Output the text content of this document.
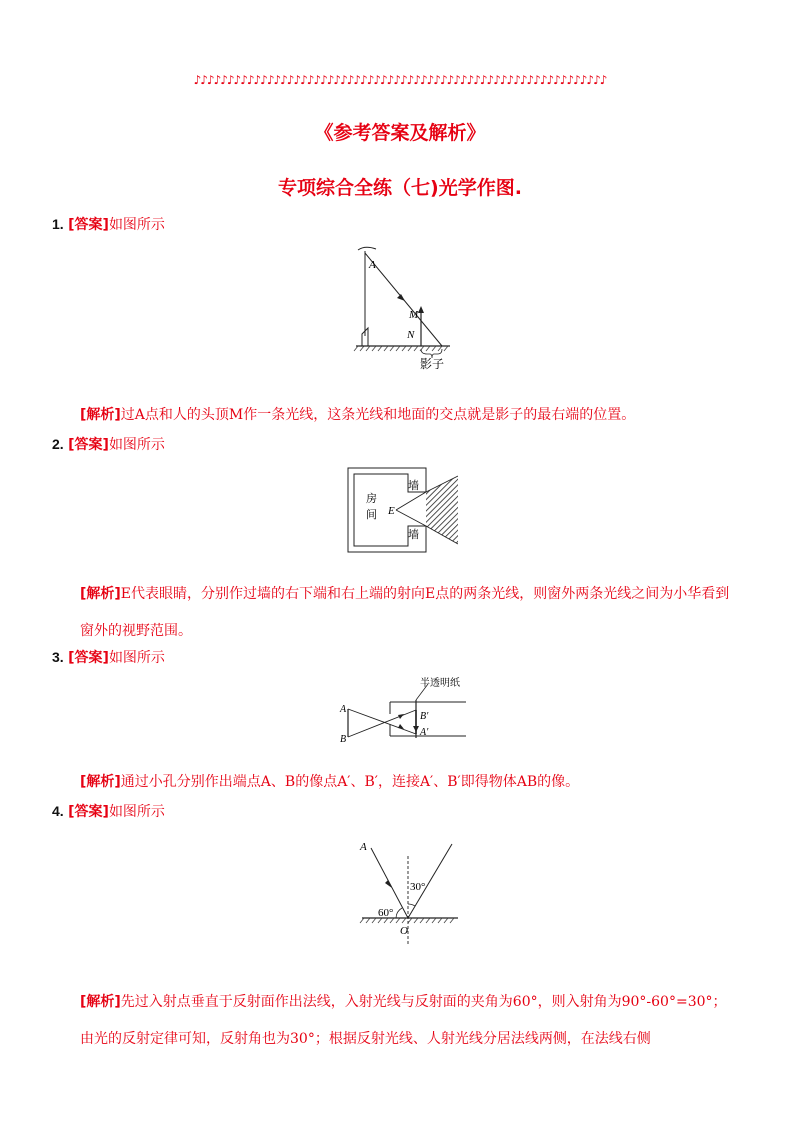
♪♪♪♪♪♪♪♪♪♪♪♪♪♪♪♪♪♪♪♪♪♪♪♪♪♪♪♪♪♪♪♪♪♪♪♪♪♪♪♪♪♪♪♪♪♪♪♪♪♪♪♪♪♪♪♪♪♪♪♪♪♪
《参考答案及解析》
专项综合全练（七)光学作图.
1. [答案]如图所示
A
M
N
影子
[解析]过A点和人的头顶M作一条光线，这条光线和地面的交点就是影子的最右端的位置。
2. [答案]如图所示
房
间 E
墙
墙
[解析]E代表眼睛，分别作过墙的右下端和右上端的射向E点的两条光线，则窗外两条光线之间为小华看到窗外的视野范围。
3. [答案]如图所示
半透明纸
A
B
B′
A′
[解析]通过小孔分别作出端点A、B的像点A′、B′，连接A′、B′即得物体AB的像。
4. [答案]如图所示
A
30°
60°
O
[解析]先过入射点垂直于反射面作出法线，入射光线与反射面的夹角为60°，则入射角为90°-60°=30°；由光的反射定律可知，反射角也为30°；根据反射光线、人射光线分居法线两侧，在法线右侧
